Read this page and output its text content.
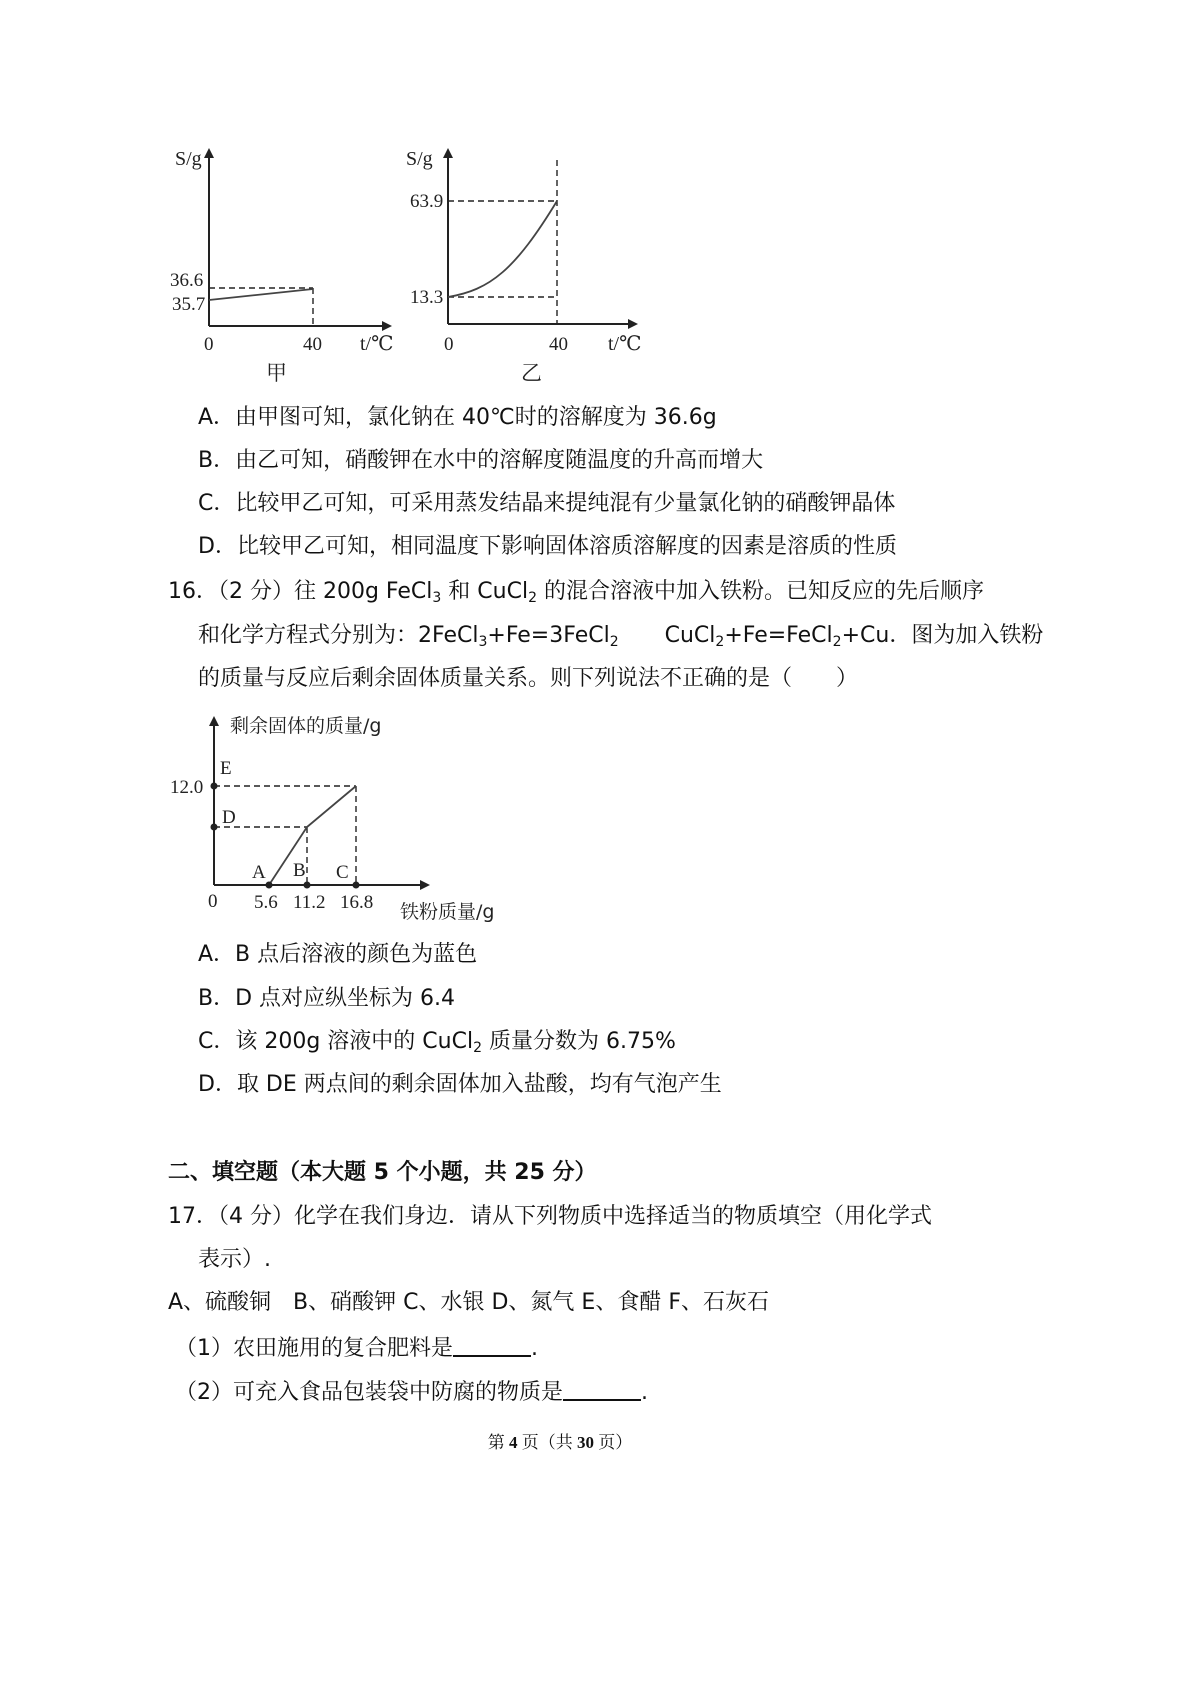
S/g
36.6
35.7
0	40 t/℃
甲
S/g
63.9
13.3
0	40 t/℃
乙
A．由甲图可知，氯化钠在 40℃时的溶解度为 36.6g
B．由乙可知，硝酸钾在水中的溶解度随温度的升高而增大
C．比较甲乙可知，可采用蒸发结晶来提纯混有少量氯化钠的硝酸钾晶体
D．比较甲乙可知，相同温度下影响固体溶质溶解度的因素是溶质的性质
16．（2 分）往 200g FeCl$_3$ 和 CuCl$_2$ 的混合溶液中加入铁粉。已知反应的先后顺序
和化学方程式分别为：2FeCl$_3$+Fe=3FeCl$_2$ CuCl$_2$+Fe=FeCl$_2$+Cu．图为加入铁粉
的质量与反应后剩余固体质量关系。则下列说法不正确的是（　　）
剩余固体的质量/g
E
12.0
D
A B C
0 5.6 11.2 16.8 铁粉质量/g
A．B 点后溶液的颜色为蓝色
B．D 点对应纵坐标为 6.4
C．该 200g 溶液中的 CuCl$_2$ 质量分数为 6.75%
D．取 DE 两点间的剩余固体加入盐酸，均有气泡产生
二、填空题（本大题 5 个小题，共 25 分）
17．（4 分）化学在我们身边．请从下列物质中选择适当的物质填空（用化学式
表示）.
A、硫酸铜　B、硝酸钾 C、水银 D、氮气 E、食醋 F、石灰石
（1）农田施用的复合肥料是	.
（2）可充入食品包装袋中防腐的物质是	.
第 4 页（共 30 页）
